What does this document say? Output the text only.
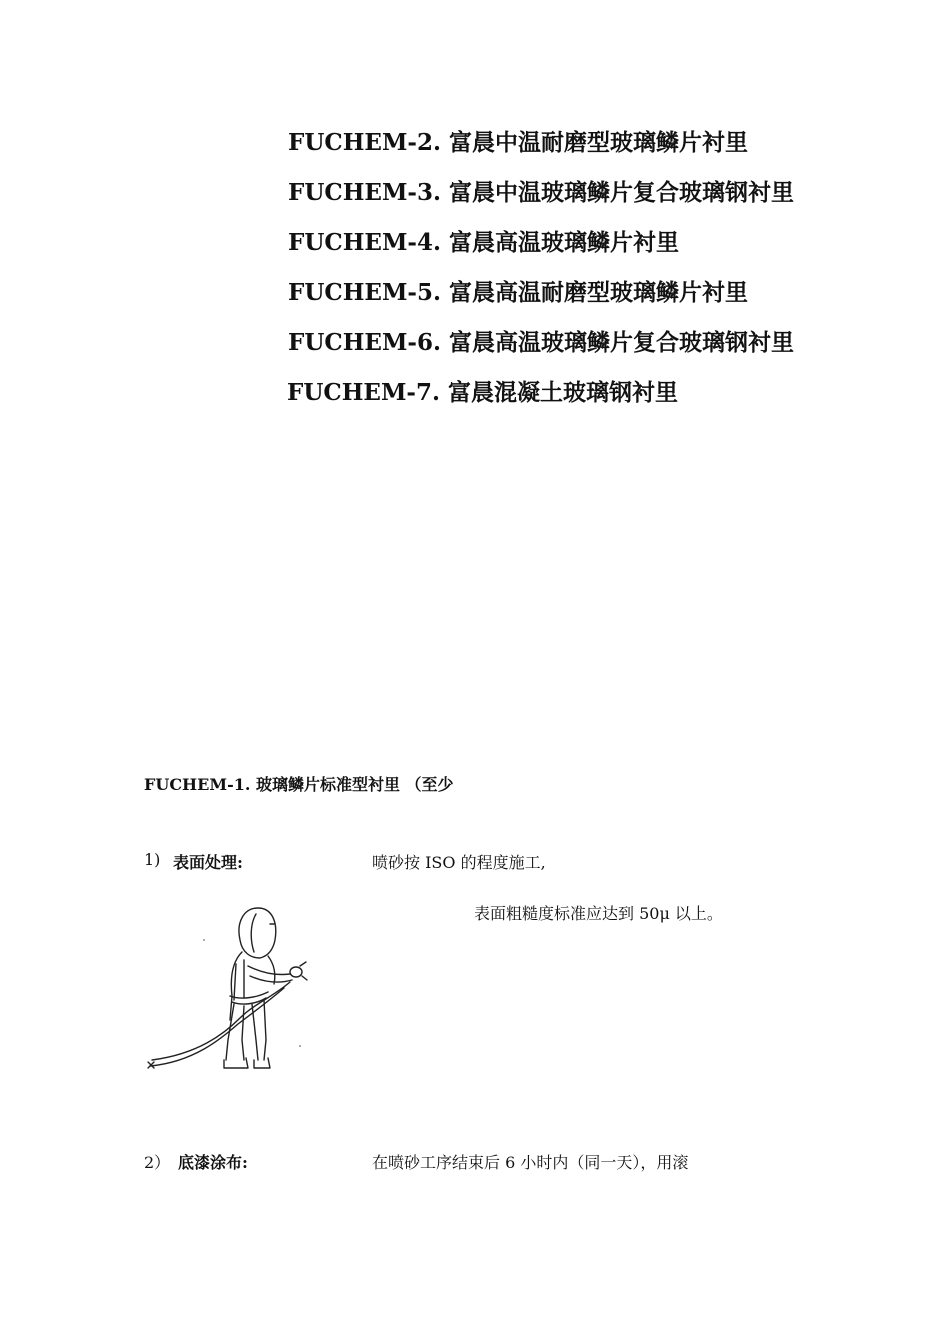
FUCHEM-2. 富晨中温耐磨型玻璃鳞片衬里
FUCHEM-3. 富晨中温玻璃鳞片复合玻璃钢衬里
FUCHEM-4. 富晨高温玻璃鳞片衬里
FUCHEM-5. 富晨高温耐磨型玻璃鳞片衬里
FUCHEM-6. 富晨高温玻璃鳞片复合玻璃钢衬里
FUCHEM-7. 富晨混凝土玻璃钢衬里
FUCHEM-1. 玻璃鳞片标准型衬里 （至少
1) 表面处理:	喷砂按 ISO 的程度施工,
表面粗糙度标准应达到 50μ 以上。
2） 底漆涂布:	在喷砂工序结束后 6 小时内（同一天），用滚
